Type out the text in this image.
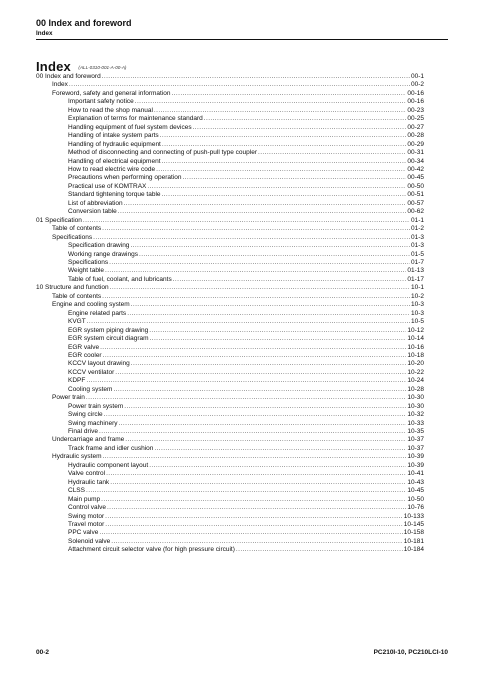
00 Index and foreword
Index
Index (ALL-0310-001-A-00-A)
00 Index and foreword .....	00-1
Index .....	00-2
Foreword, safety and general information .....	00-16
Important safety notice .....	00-16
How to read the shop manual .....	00-23
Explanation of terms for maintenance standard .....	00-25
Handling equipment of fuel system devices .....	00-27
Handling of intake system parts .....	00-28
Handling of hydraulic equipment .....	00-29
Method of disconnecting and connecting of push-pull type coupler .....	00-31
Handling of electrical equipment .....	00-34
How to read electric wire code .....	00-42
Precautions when performing operation .....	00-45
Practical use of KOMTRAX .....	00-50
Standard tightening torque table .....	00-51
List of abbreviation .....	00-57
Conversion table .....	00-62
01 Specification .....	01-1
Table of contents .....	01-2
Specifications .....	01-3
Specification drawing .....	01-3
Working range drawings .....	01-5
Specifications .....	01-7
Weight table .....	01-13
Table of fuel, coolant, and lubricants .....	01-17
10 Structure and function .....	10-1
Table of contents .....	10-2
Engine and cooling system .....	10-3
Engine related parts .....	10-3
KVGT .....	10-5
EGR system piping drawing .....	10-12
EGR system circuit diagram .....	10-14
EGR valve .....	10-16
EGR cooler .....	10-18
KCCV layout drawing .....	10-20
KCCV ventilator .....	10-22
KDPF .....	10-24
Cooling system .....	10-28
Power train .....	10-30
Power train system .....	10-30
Swing circle .....	10-32
Swing machinery .....	10-33
Final drive .....	10-35
Undercarriage and frame .....	10-37
Track frame and idler cushion .....	10-37
Hydraulic system .....	10-39
Hydraulic component layout .....	10-39
Valve control .....	10-41
Hydraulic tank .....	10-43
CLSS .....	10-45
Main pump .....	10-50
Control valve .....	10-76
Swing motor .....	10-133
Travel motor .....	10-145
PPC valve .....	10-158
Solenoid valve .....	10-181
Attachment circuit selector valve (for high pressure circuit) .....	10-184
00-2	PC210I-10, PC210LCI-10
